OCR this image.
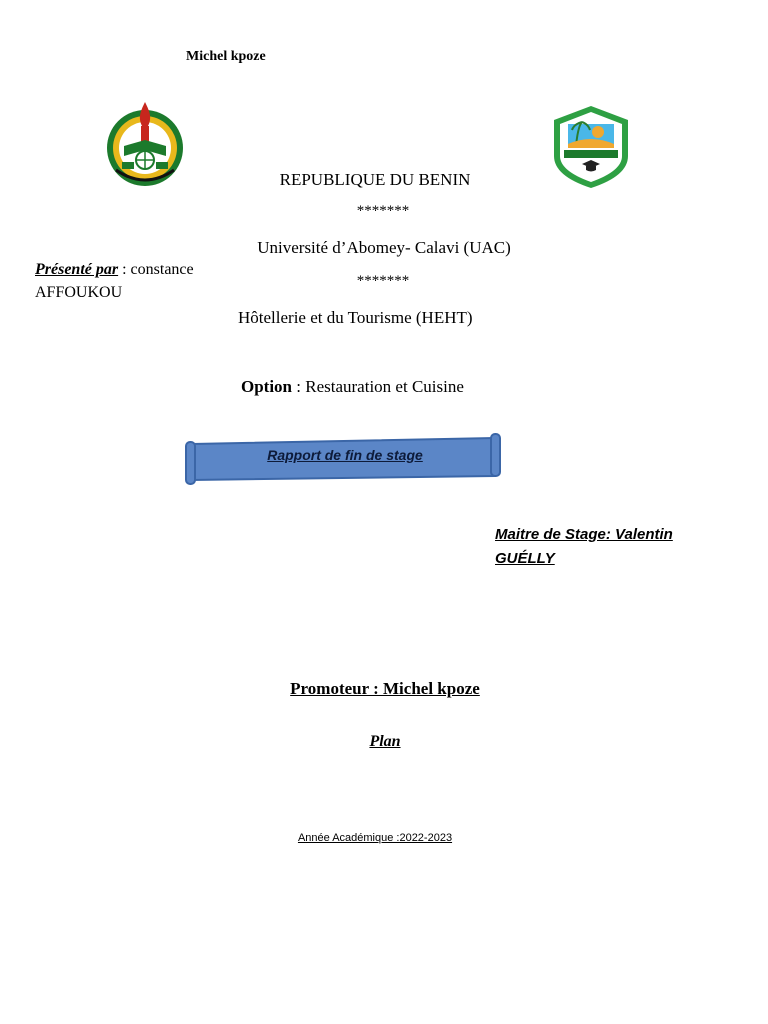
Michel kpoze
REPUBLIQUE DU BENIN
*******
Université d’Abomey- Calavi (UAC)
*******
Hôtellerie et du Tourisme (HEHT)
Présenté par : constance AFFOUKOU
Option : Restauration et Cuisine
Rapport de fin de stage
Maitre de Stage: Valentin GUÉLLY
Promoteur : Michel kpoze
Plan
Année Académique :2022-2023
